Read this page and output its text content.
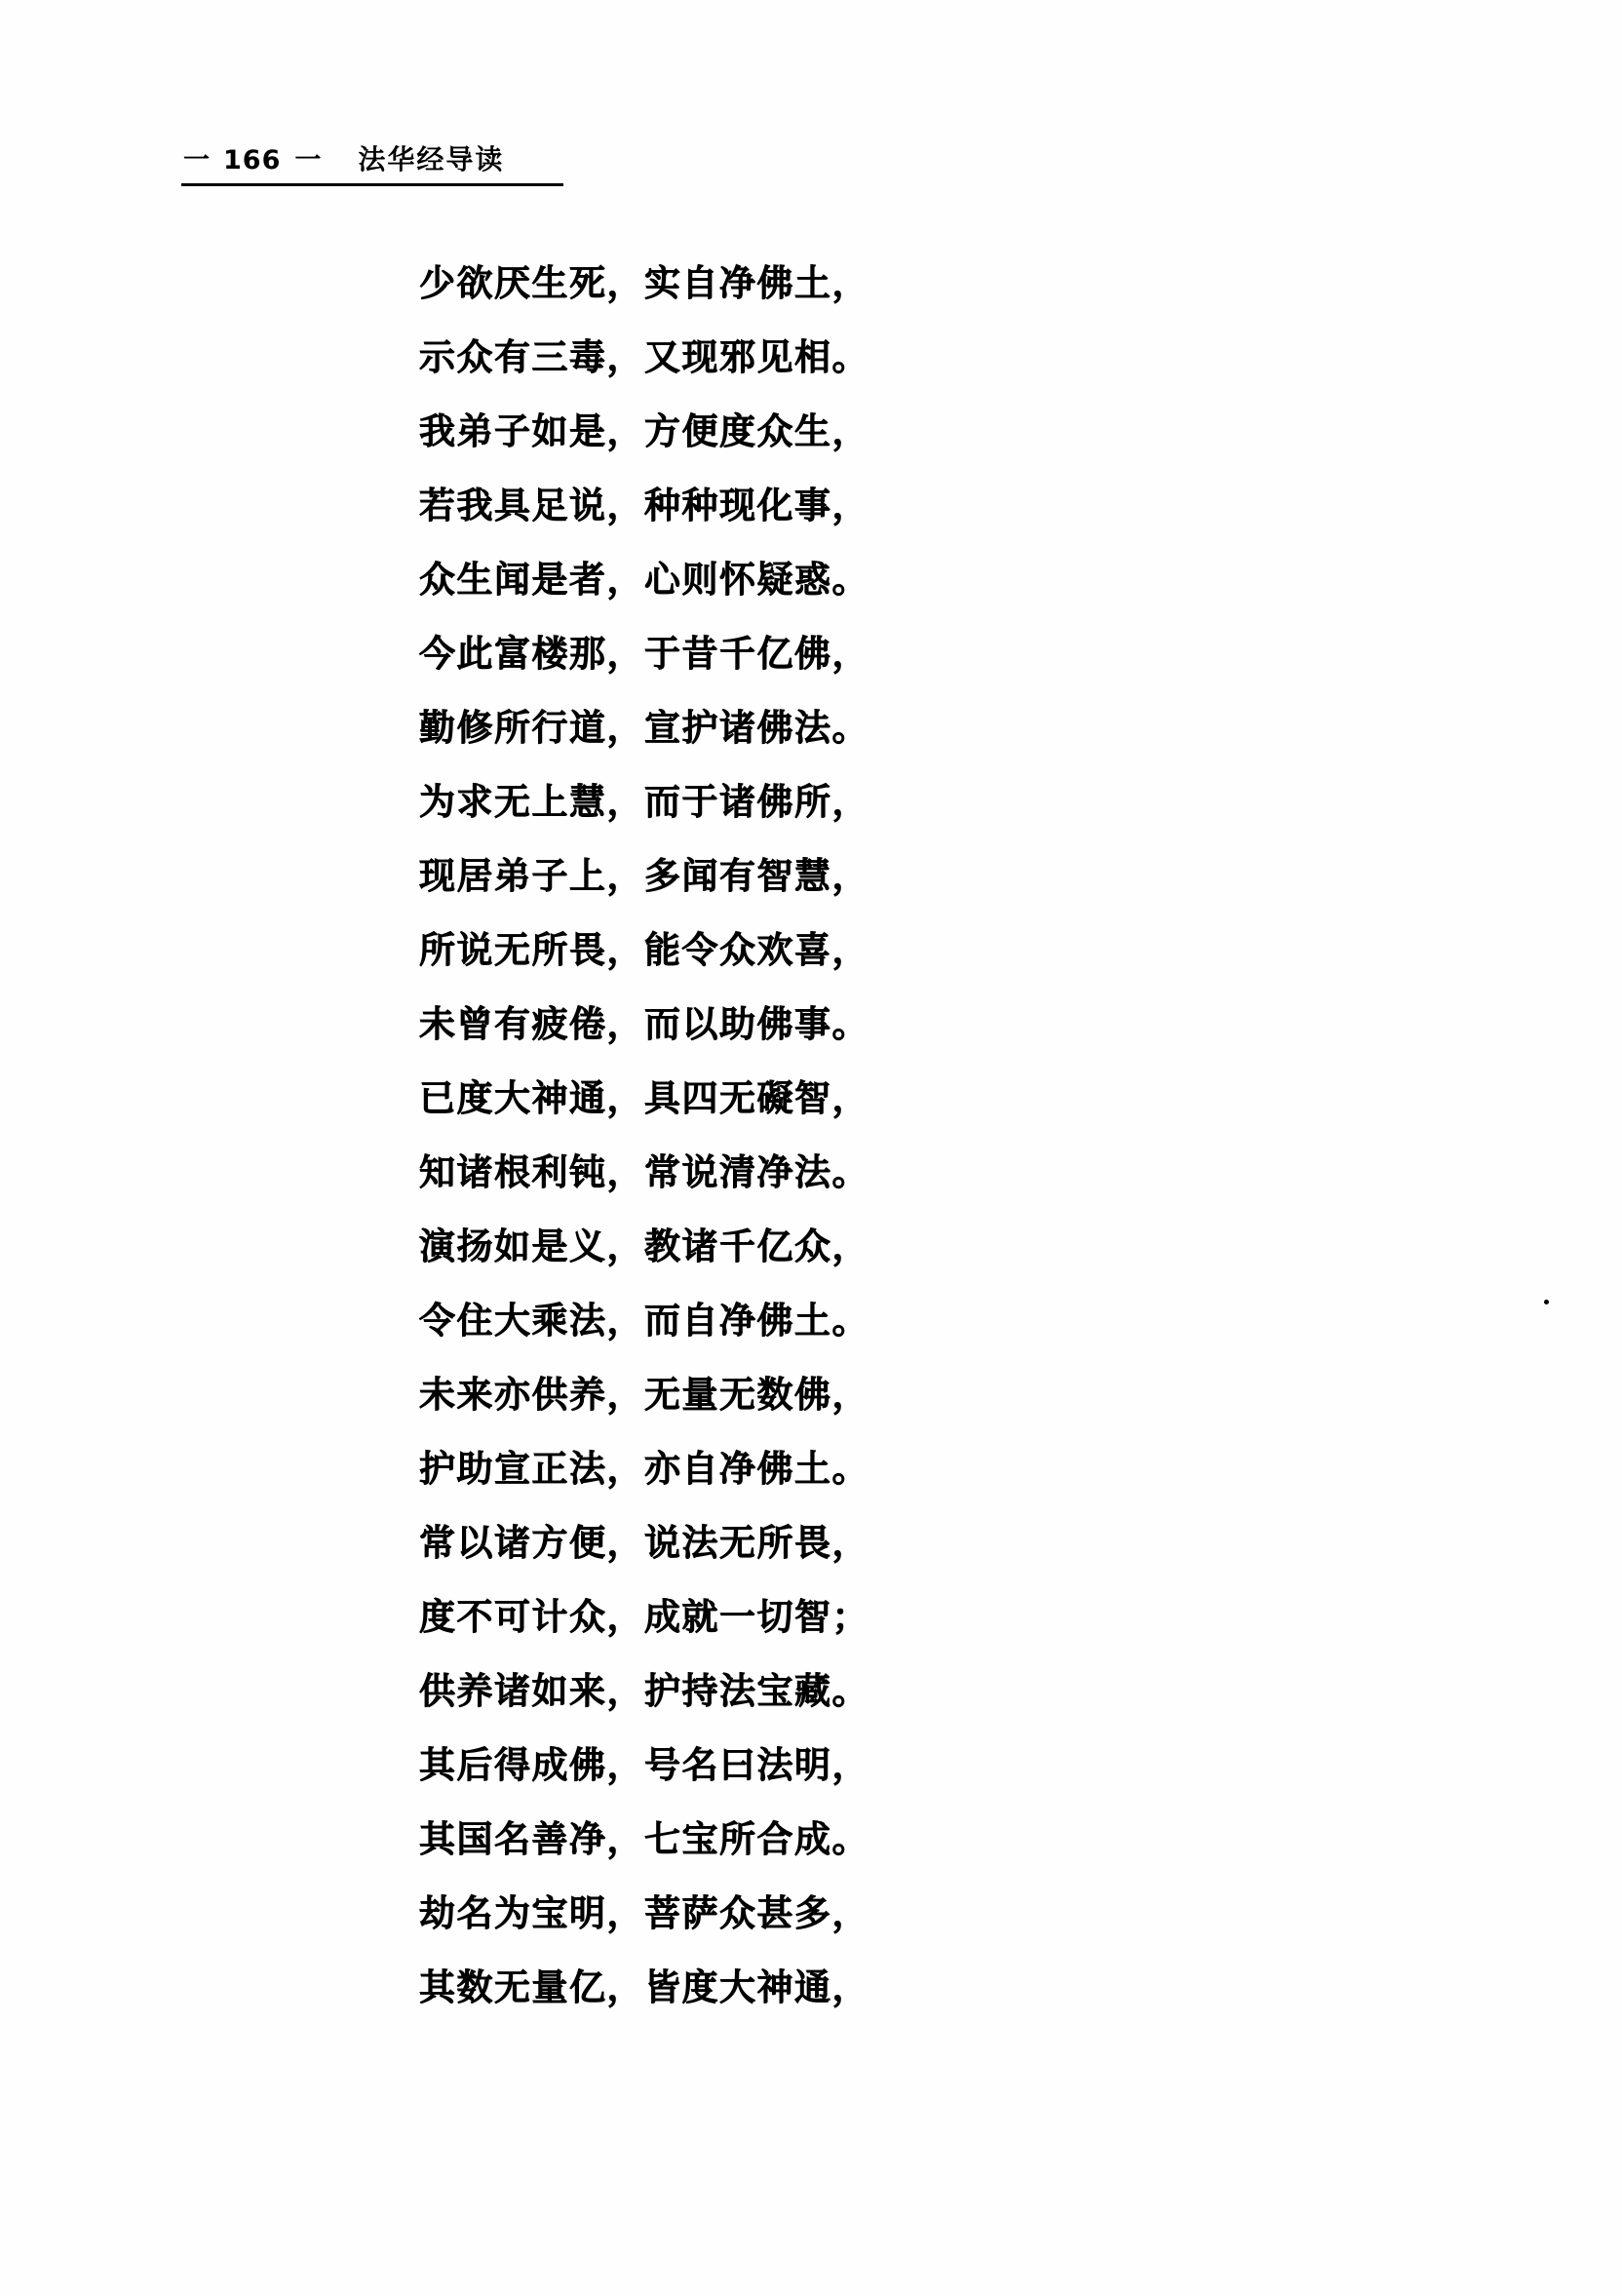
一 166 一 法华经导读
少欲厌生死，实自净佛土，
示众有三毒，又现邪见相。
我弟子如是，方便度众生，
若我具足说，种种现化事，
众生闻是者，心则怀疑惑。
今此富楼那，于昔千亿佛，
勤修所行道，宣护诸佛法。
为求无上慧，而于诸佛所，
现居弟子上，多闻有智慧，
所说无所畏，能令众欢喜，
未曾有疲倦，而以助佛事。
已度大神通，具四无礙智，
知诸根利钝，常说清净法。
演扬如是义，教诸千亿众，
令住大乘法，而自净佛土。
未来亦供养，无量无数佛，
护助宣正法，亦自净佛土。
常以诸方便，说法无所畏，
度不可计众，成就一切智；
供养诸如来，护持法宝藏。
其后得成佛，号名曰法明，
其国名善净，七宝所合成。
劫名为宝明，菩萨众甚多，
其数无量亿，皆度大神通，
